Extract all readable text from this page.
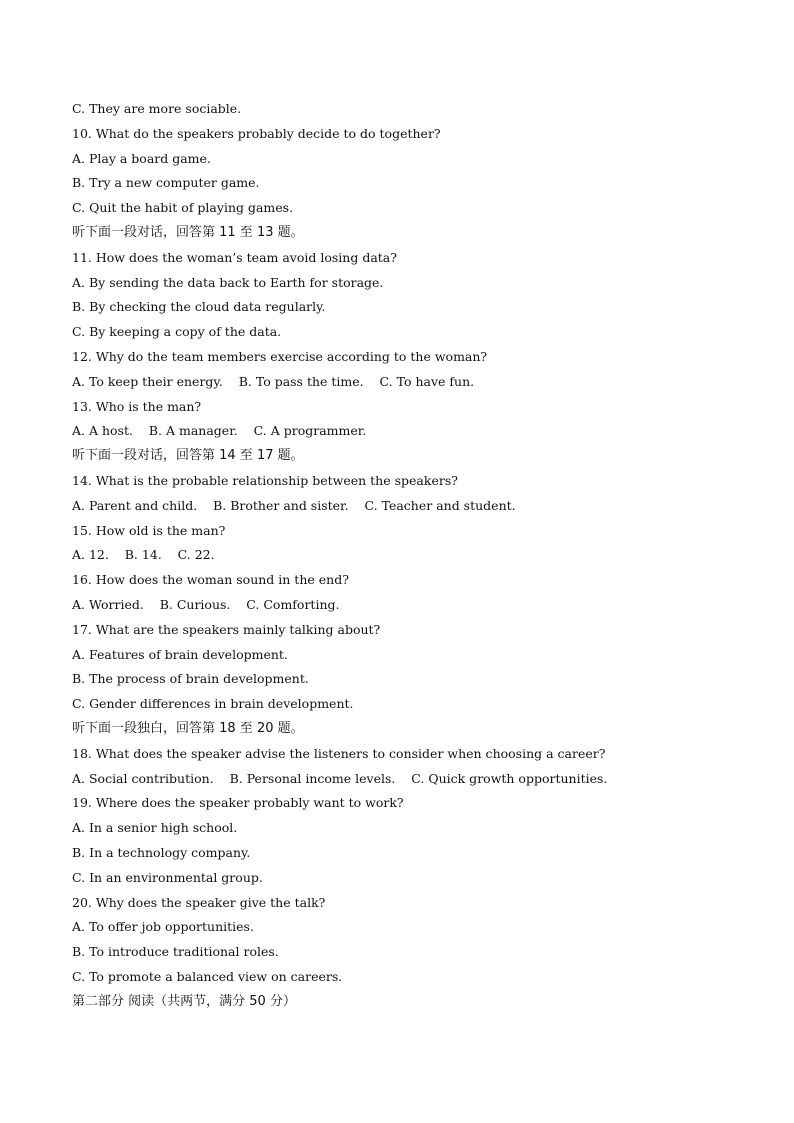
C. They are more sociable.
10. What do the speakers probably decide to do together?
A. Play a board game.
B. Try a new computer game.
C. Quit the habit of playing games.
听下面一段对话，回答第 11 至 13 题。
11. How does the woman’s team avoid losing data?
A. By sending the data back to Earth for storage.
B. By checking the cloud data regularly.
C. By keeping a copy of the data.
12. Why do the team members exercise according to the woman?
A. To keep their energy.    B. To pass the time.    C. To have fun.
13. Who is the man?
A. A host.    B. A manager.    C. A programmer.
听下面一段对话，回答第 14 至 17 题。
14. What is the probable relationship between the speakers?
A. Parent and child.    B. Brother and sister.    C. Teacher and student.
15. How old is the man?
A. 12.    B. 14.    C. 22.
16. How does the woman sound in the end?
A. Worried.    B. Curious.    C. Comforting.
17. What are the speakers mainly talking about?
A. Features of brain development.
B. The process of brain development.
C. Gender differences in brain development.
听下面一段独白，回答第 18 至 20 题。
18. What does the speaker advise the listeners to consider when choosing a career?
A. Social contribution.    B. Personal income levels.    C. Quick growth opportunities.
19. Where does the speaker probably want to work?
A. In a senior high school.
B. In a technology company.
C. In an environmental group.
20. Why does the speaker give the talk?
A. To offer job opportunities.
B. To introduce traditional roles.
C. To promote a balanced view on careers.
第二部分 阅读（共两节，满分 50 分）
